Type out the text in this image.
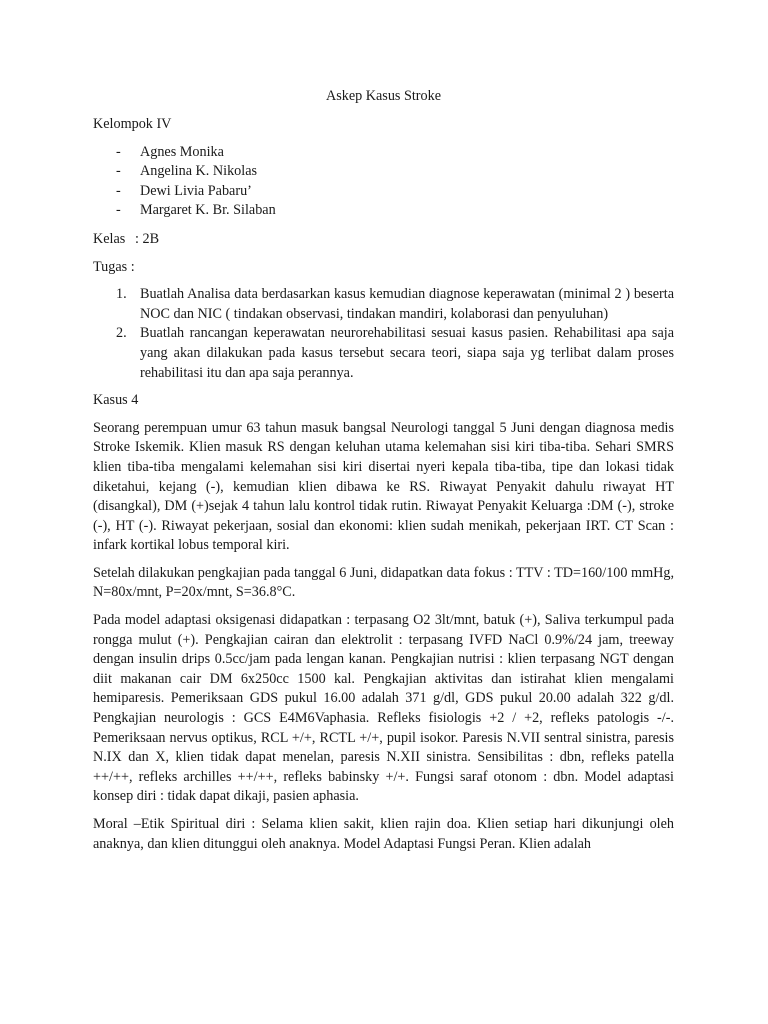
Askep Kasus Stroke
Kelompok IV
- Agnes Monika
- Angelina K. Nikolas
- Dewi Livia Pabaru’
- Margaret K. Br. Silaban
Kelas : 2B
Tugas :
1. Buatlah Analisa data berdasarkan kasus kemudian diagnose keperawatan (minimal 2 ) beserta NOC dan NIC ( tindakan observasi, tindakan mandiri, kolaborasi dan penyuluhan)
2. Buatlah rancangan keperawatan neurorehabilitasi sesuai kasus pasien. Rehabilitasi apa saja yang akan dilakukan pada kasus tersebut secara teori, siapa saja yg terlibat dalam proses rehabilitasi itu dan apa saja perannya.
Kasus 4

Seorang perempuan umur 63 tahun masuk bangsal Neurologi tanggal 5 Juni dengan diagnosa medis Stroke Iskemik. Klien masuk RS dengan keluhan utama kelemahan sisi kiri tiba-tiba. Sehari SMRS klien tiba-tiba mengalami kelemahan sisi kiri disertai nyeri kepala tiba-tiba, tipe dan lokasi tidak diketahui, kejang (-), kemudian klien dibawa ke RS. Riwayat Penyakit dahulu riwayat HT (disangkal), DM (+)sejak 4 tahun lalu kontrol tidak rutin. Riwayat Penyakit Keluarga :DM (-), stroke (-), HT (-). Riwayat pekerjaan, sosial dan ekonomi: klien sudah menikah, pekerjaan IRT. CT Scan : infark kortikal lobus temporal kiri.

Setelah dilakukan pengkajian pada tanggal 6 Juni, didapatkan data fokus : TTV : TD=160/100 mmHg, N=80x/mnt, P=20x/mnt, S=36.8°C.

Pada model adaptasi oksigenasi didapatkan : terpasang O2 3lt/mnt, batuk (+), Saliva terkumpul pada rongga mulut (+). Pengkajian cairan dan elektrolit : terpasang IVFD NaCl 0.9%/24 jam, treeway dengan insulin drips 0.5cc/jam pada lengan kanan. Pengkajian nutrisi : klien terpasang NGT dengan diit makanan cair DM 6x250cc 1500 kal. Pengkajian aktivitas dan istirahat klien mengalami hemiparesis. Pemeriksaan GDS pukul 16.00 adalah 371 g/dl, GDS pukul 20.00 adalah 322 g/dl. Pengkajian neurologis : GCS E4M6Vaphasia. Refleks fisiologis +2 / +2, refleks patologis -/-. Pemeriksaan nervus optikus, RCL +/+, RCTL +/+, pupil isokor. Paresis N.VII sentral sinistra, paresis N.IX dan X, klien tidak dapat menelan, paresis N.XII sinistra. Sensibilitas : dbn, refleks patella ++/++, refleks archilles ++/++, refleks babinsky +/+. Fungsi saraf otonom : dbn. Model adaptasi konsep diri : tidak dapat dikaji, pasien aphasia.

Moral –Etik Spiritual diri : Selama klien sakit, klien rajin doa. Klien setiap hari dikunjungi oleh anaknya, dan klien ditunggui oleh anaknya. Model Adaptasi Fungsi Peran. Klien adalah
